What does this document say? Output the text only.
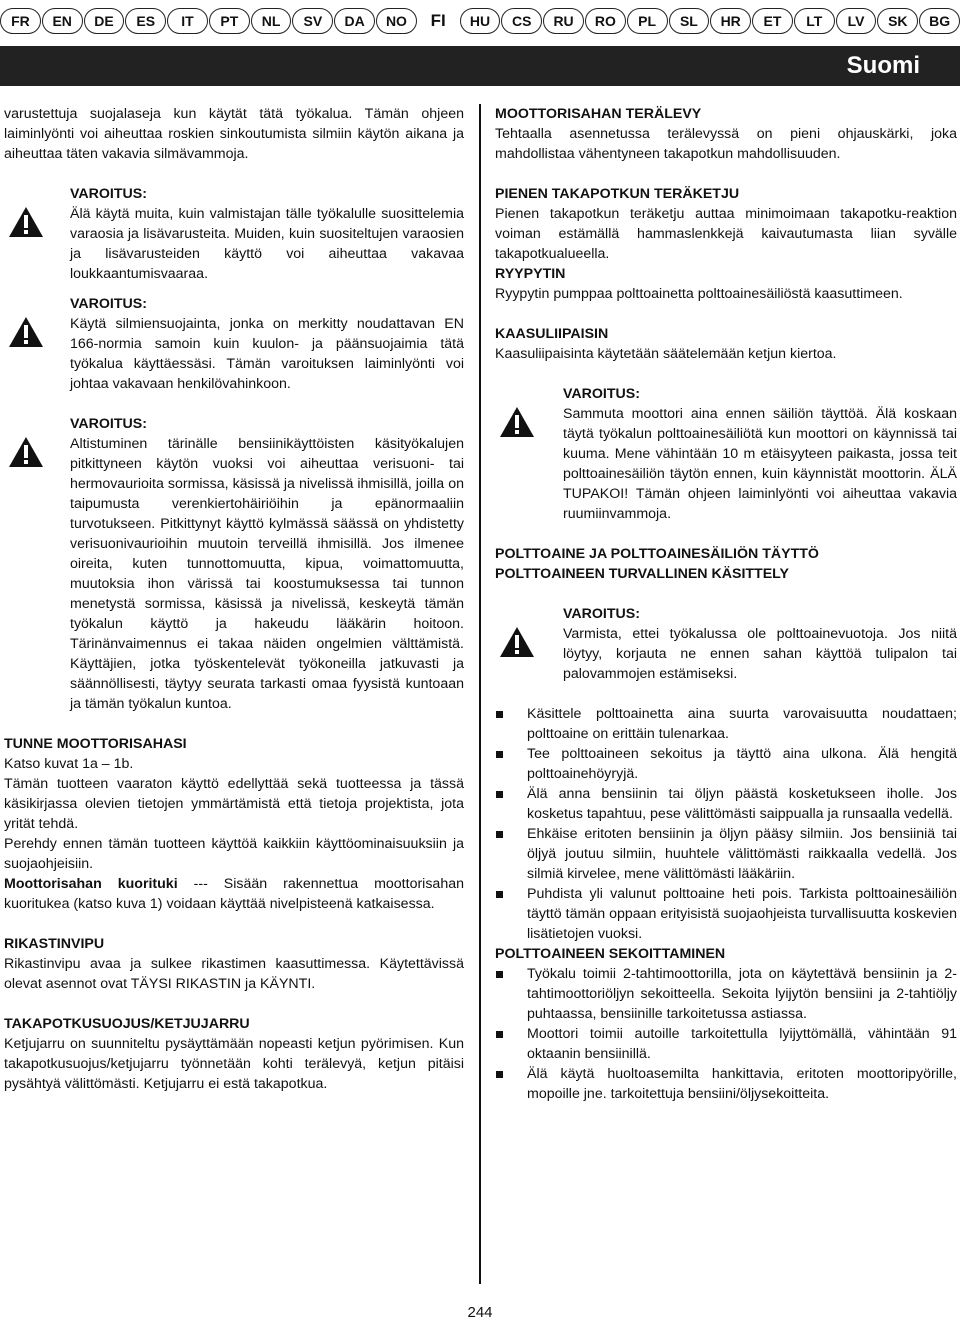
FR	EN	DE	ES	IT	PT	NL	SV	DA	NO	FI	HU	CS	RU	RO	PL	SL	HR	ET	LT	LV	SK	BG
Suomi

varustettuja suojalaseja kun käytät tätä työkalua. Tämän ohjeen laiminlyönti voi aiheuttaa roskien sinkoutumista silmiin käytön aikana ja aiheuttaa täten vakavia silmävammoja.

VAROITUS:

Älä käytä muita, kuin valmistajan tälle työkalulle suosittelemia varaosia ja lisävarusteita. Muiden, kuin suositeltujen varaosien ja lisävarusteiden käyttö voi aiheuttaa vakavaa loukkaantumisvaaraa.

VAROITUS:

Käytä silmiensuojainta, jonka on merkitty noudattavan EN 166-normia samoin kuin kuulon- ja päänsuojaimia tätä työkalua käyttäessäsi. Tämän varoituksen laiminlyönti voi johtaa vakavaan henkilövahinkoon.

VAROITUS:

Altistuminen tärinälle bensiinikäyttöisten käsityökalujen pitkittyneen käytön vuoksi voi aiheuttaa verisuoni- tai hermovaurioita sormissa, käsissä ja nivelissä ihmisillä, joilla on taipumusta verenkiertohäiriöihin ja epänormaaliin turvotukseen. Pitkittynyt käyttö kylmässä säässä on yhdistetty verisuonivaurioihin muutoin terveillä ihmisillä. Jos ilmenee oireita, kuten tunnottomuutta, kipua, voimattomuutta, muutoksia ihon värissä tai koostumuksessa tai tunnon menetystä sormissa, käsissä ja nivelissä, keskeytä tämän työkalun käyttö ja hakeudu lääkärin hoitoon. Tärinänvaimennus ei takaa näiden ongelmien välttämistä. Käyttäjien, jotka työskentelevät työkoneilla jatkuvasti ja säännöllisesti, täytyy seurata tarkasti omaa fyysistä kuntoaan ja tämän työkalun kuntoa.

TUNNE MOOTTORISAHASI

Katso kuvat 1a – 1b.

Tämän tuotteen vaaraton käyttö edellyttää sekä tuotteessa ja tässä käsikirjassa olevien tietojen ymmärtämistä että tietoja projektista, jota yrität tehdä.

Perehdy ennen tämän tuotteen käyttöä kaikkiin käyttöominaisuuksiin ja suojaohjeisiin.

Moottorisahan kuorituki --- Sisään rakennettua moottorisahan kuoritukea (katso kuva 1) voidaan käyttää nivelpisteenä katkaisessa.

RIKASTINVIPU

Rikastinvipu avaa ja sulkee rikastimen kaasuttimessa. Käytettävissä olevat asennot ovat TÄYSI RIKASTIN ja KÄYNTI.

TAKAPOTKUSUOJUS/KETJUJARRU

Ketjujarru on suunniteltu pysäyttämään nopeasti ketjun pyörimisen. Kun takapotkusuojus/ketjujarru työnnetään kohti terälevyä, ketjun pitäisi pysähtyä välittömästi. Ketjujarru ei estä takapotkua.

MOOTTORISAHAN TERÄLEVY

Tehtaalla asennetussa terälevyssä on pieni ohjauskärki, joka mahdollistaa vähentyneen takapotkun mahdollisuuden.

PIENEN TAKAPOTKUN TERÄKETJU

Pienen takapotkun teräketju auttaa minimoimaan takapotku-reaktion voiman estämällä hammaslenkkejä kaivautumasta liian syvälle takapotkualueella.

RYYPYTIN

Ryypytin pumppaa polttoainetta polttoainesäiliöstä kaasuttimeen.

KAASULIIPAISIN

Kaasuliipaisinta käytetään säätelemään ketjun kiertoa.

VAROITUS:

Sammuta moottori aina ennen säiliön täyttöä. Älä koskaan täytä työkalun polttoainesäiliötä kun moottori on käynnissä tai kuuma. Mene vähintään 10 m etäisyyteen paikasta, jossa teit polttoainesäiliön täytön ennen, kuin käynnistät moottorin. ÄLÄ TUPAKOI! Tämän ohjeen laiminlyönti voi aiheuttaa vakavia ruumiinvammoja.

POLTTOAINE JA POLTTOAINESÄILIÖN TÄYTTÖ
POLTTOAINEEN TURVALLINEN KÄSITTELY
VAROITUS:

Varmista, ettei työkalussa ole polttoainevuotoja. Jos niitä löytyy, korjauta ne ennen sahan käyttöä tulipalon tai palovammojen estämiseksi.

Käsittele polttoainetta aina suurta varovaisuutta noudattaen; polttoaine on erittäin tulenarkaa.
Tee polttoaineen sekoitus ja täyttö aina ulkona. Älä hengitä polttoainehöyryjä.
Älä anna bensiinin tai öljyn päästä kosketukseen iholle. Jos kosketus tapahtuu, pese välittömästi saippualla ja runsaalla vedellä.
Ehkäise eritoten bensiinin ja öljyn pääsy silmiin. Jos bensiiniä tai öljyä joutuu silmiin, huuhtele välittömästi raikkaalla vedellä. Jos silmiä kirvelee, mene välittömästi lääkäriin.
Puhdista yli valunut polttoaine heti pois. Tarkista polttoainesäiliön täyttö tämän oppaan erityisistä suojaohjeista turvallisuutta koskevien lisätietojen vuoksi.
POLTTOAINEEN SEKOITTAMINEN
Työkalu toimii 2-tahtimoottorilla, jota on käytettävä bensiinin ja 2-tahtimoottoriöljyn sekoitteella. Sekoita lyijytön bensiini ja 2-tahtiöljy puhtaassa, bensiinille tarkoitetussa astiassa.
Moottori toimii autoille tarkoitettulla lyijyttömällä, vähintään 91 oktaanin bensiinillä.
Älä käytä huoltoasemilta hankittavia, eritoten moottoripyörille, mopoille jne. tarkoitettuja bensiini/öljysekoitteita.
244
